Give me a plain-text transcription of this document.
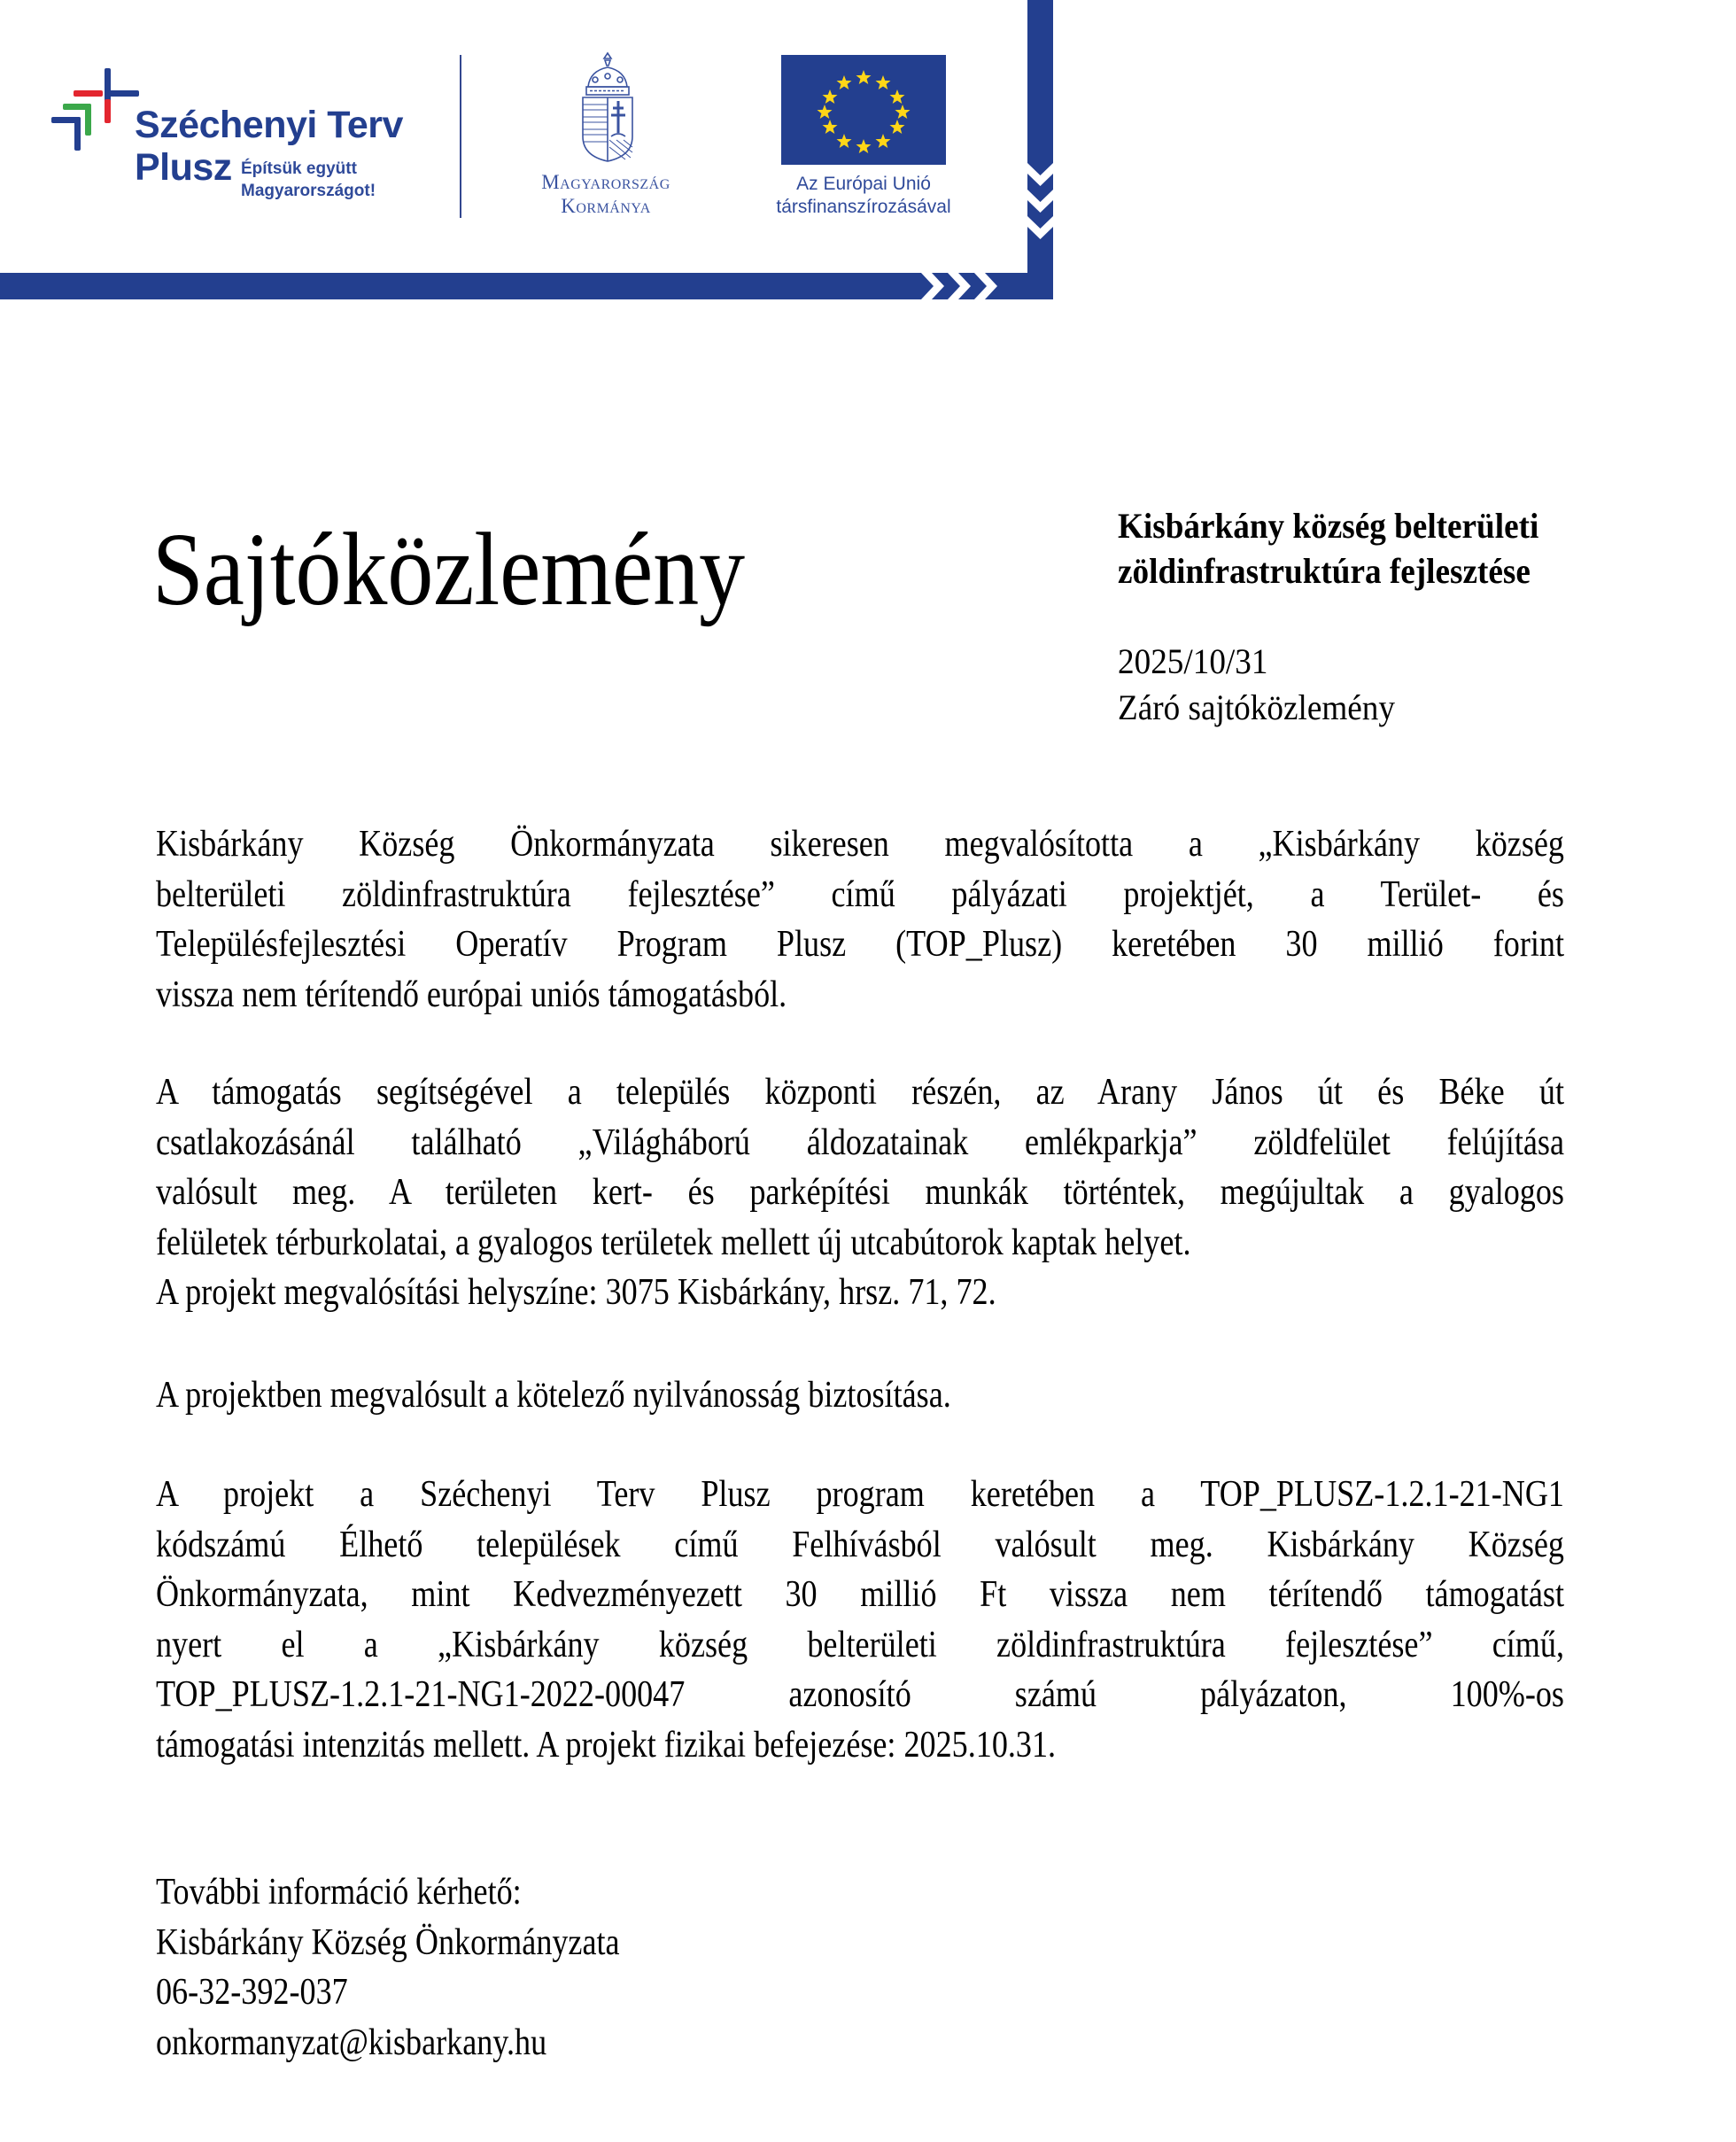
Széchenyi Terv
Plusz Építsük együtt
Magyarországot!	Magyarország
Kormánya
Az Európai Unió
társfinanszírozásával
Sajtóközlemény	Kisbárkány község belterületi
zöldinfrastruktúra fejlesztése
2025/10/31
Záró sajtóközlemény
Kisbárkány Község Önkormányzata sikeresen megvalósította a „Kisbárkány község
belterületi zöldinfrastruktúra fejlesztése” című pályázati projektjét, a Terület- és
Településfejlesztési Operatív Program Plusz (TOP_Plusz) keretében 30 millió forint
vissza nem térítendő európai uniós támogatásból.
A támogatás segítségével a település központi részén, az Arany János út és Béke út
csatlakozásánál található „Világháború áldozatainak emlékparkja” zöldfelület felújítása
valósult meg. A területen kert- és parképítési munkák történtek, megújultak a gyalogos
felületek térburkolatai, a gyalogos területek mellett új utcabútorok kaptak helyet.
A projekt megvalósítási helyszíne: 3075 Kisbárkány, hrsz. 71, 72.
A projektben megvalósult a kötelező nyilvánosság biztosítása.
A projekt a Széchenyi Terv Plusz program keretében a TOP_PLUSZ-1.2.1-21-NG1
kódszámú Élhető települések című Felhívásból valósult meg. Kisbárkány Község
Önkormányzata, mint Kedvezményezett 30 millió Ft vissza nem térítendő támogatást
nyert el a „Kisbárkány község belterületi zöldinfrastruktúra fejlesztése” című,
TOP_PLUSZ-1.2.1-21-NG1-2022-00047 azonosító számú pályázaton, 100%-os
támogatási intenzitás mellett. A projekt fizikai befejezése: 2025.10.31.
További információ kérhető:
Kisbárkány Község Önkormányzata
06-32-392-037
onkormanyzat@kisbarkany.hu
